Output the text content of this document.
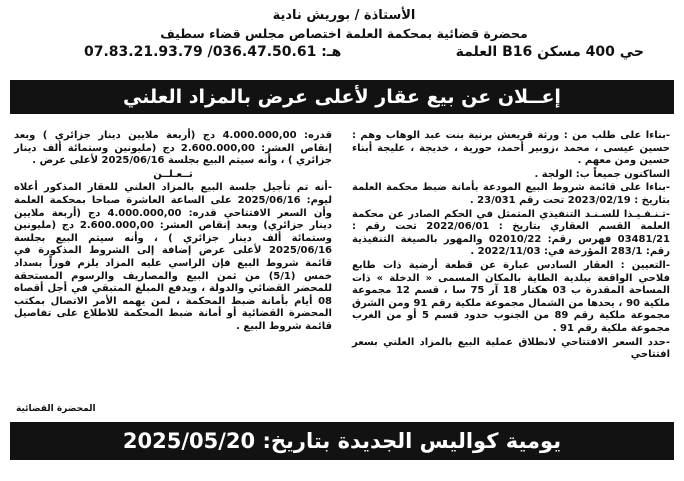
الأستاذة / بوريش نادية
محضرة قضائية بمحكمة العلمة اختصاص مجلس قضاء سطيف
حي 400 مسكن B16 العلمة
هـ: 036.47.50.61/ 07.83.21.93.79
إعــلان عن بيع عقار لأعلى عرض بالمزاد العلني

-بناءا على طلب من : ورثة قريعش برنية بنت عبد الوهاب وهم : حسين عيسى ، محمد ،زوبير أحمد، حورية ، خديجة ، عليجة أبناء حسين ومن معهم .

الساكنون جميعاً ب: الولجة .

-بناءا على قائمة شروط البيع المودعة بأمانة ضبط محكمة العلمة بتاريخ : 2023/02/19 تحت رقم 23/031 .

-تـنـفـيـذا للسـنـد التنفيذي المتمثل في الحكم الصادر عن محكمة العلمة القسم العقاري بتاريخ : 2022/06/01 تحت رقم : 03481/21 فهرس رقم: 02010/22 والمهور بالصيغة التنفيذية رقم: 283/1 المؤرخة في: 2022/11/03 .

-التعيين : العقار السادس عبارة عن قطعة أرضية ذات طابع فلاحي الواقعة ببلدية الطاية بالمكان المسمى « الدخلة » ذات المساحة المقدرة ب 03 هكتار 18 آر 75 سا ، قسم 12 مجموعة ملكية 90 ، يحدها من الشمال مجموعة ملكية رقم 91 ومن الشرق مجموعة ملكية رقم 89 من الجنوب حدود قسم 5 أو من الغرب مجموعة ملكية رقم 91 .

-حدد السعر الافتتاحي لانطلاق عملية البيع بالمزاد العلني بسعر افتتاحي

قدره: 4.000.000,00 دج (أربعة ملايين دينار جزائري ) وبعد إنقاص العشر: 2.600.000,00 دج (مليونين وستمائة ألف دينار جزائري ) ، وأنه سيتم البيع بجلسة 2025/06/16 لأعلى عرض .

تــعـلــن

-أنه تم تأجيل جلسة البيع بالمزاد العلني للعقار المذكور أعلاه ليوم: 2025/06/16 على الساعة العاشرة صباحا بمحكمة العلمة وأن السعر الافتتاحي قدره: 4.000.000,00 دج (أربعة ملايين دينار جزائري) وبعد إنقاص العشر: 2.600.000,00 دج (مليونين وستمائة ألف دينار جزائري ) ، وأنه سيتم البيع بجلسة 2025/06/16 لأعلى عرض إضافة إلى الشروط المذكورة في قائمة شروط البيع فإن الراسي عليه المزاد يلزم فوراً بسداد خمس (5/1) من ثمن البيع والمصاريف والرسوم المستحقة للمحضر القضائي والدولة ، ويدفع المبلغ المتبقي في أجل أقصاه 08 أيام بأمانة ضبط المحكمة ، لمن يهمه الأمر الاتصال بمكتب المحضرة القضائية أو أمانة ضبط المحكمة للاطلاع على تفاصيل قائمة شروط البيع .

المحضرة القضائية
يومية كواليس الجديدة بتاريخ: 2025/05/20
